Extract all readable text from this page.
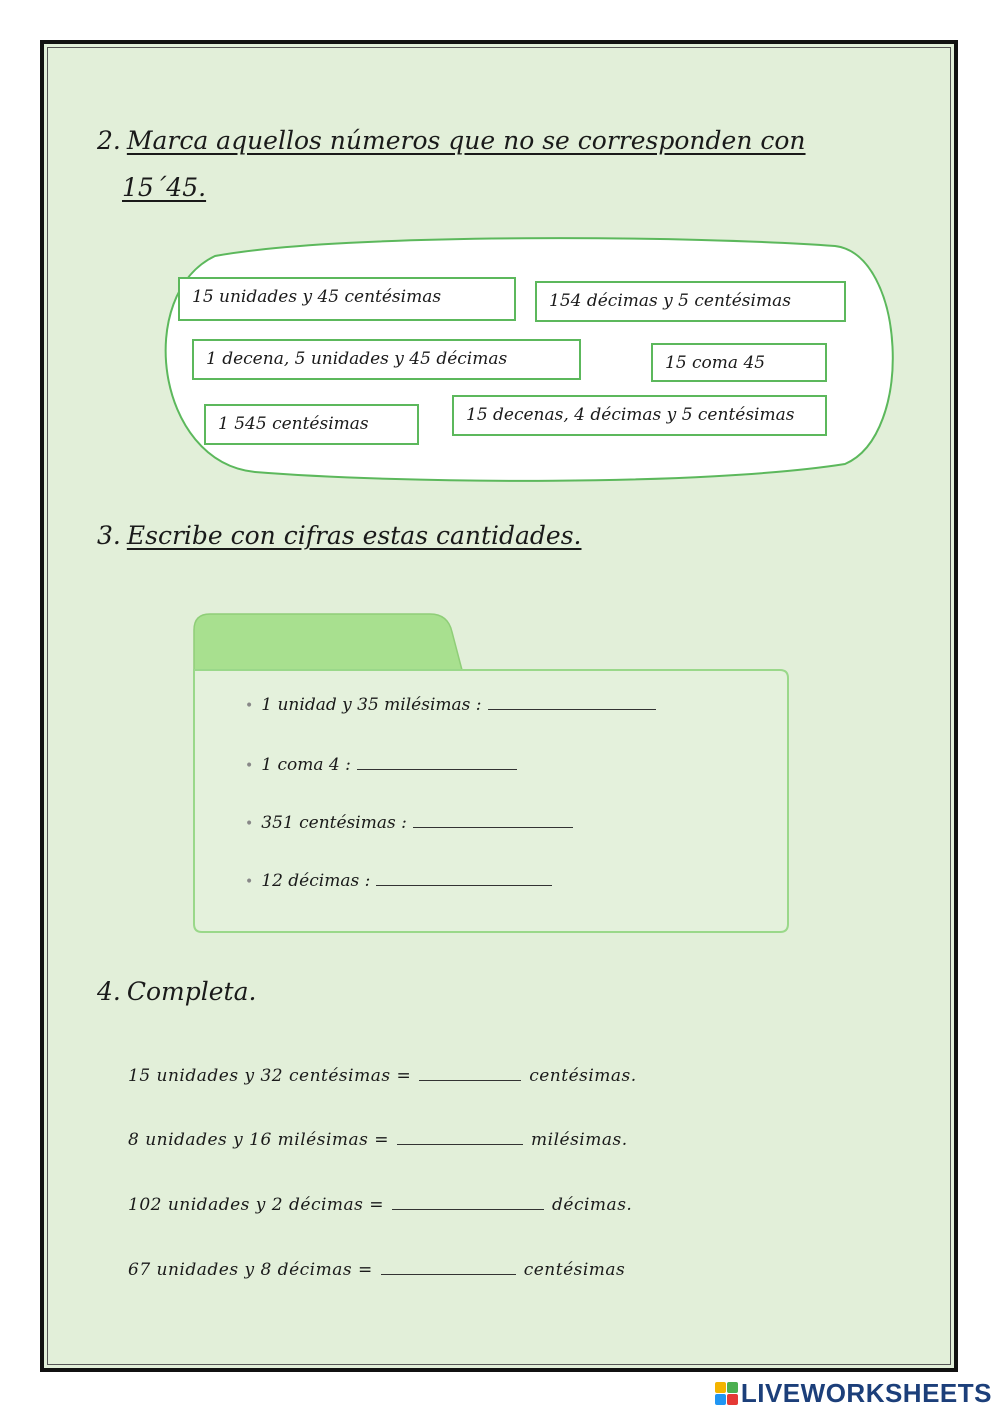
2. Marca aquellos números que no se corresponden con
15´45.
15 unidades y 45 centésimas	154 décimas y 5 centésimas
1 decena, 5 unidades y 45 décimas	15 coma 45
1 545 centésimas	15 decenas, 4 décimas y 5 centésimas
3. Escribe con cifras estas cantidades.
• 1 unidad y 35 milésimas :
• 1 coma 4 :
• 351 centésimas :
• 12 décimas :
4. Completa.
15 unidades y 32 centésimas =	centésimas.
8 unidades y 16 milésimas =	milésimas.
102 unidades y 2 décimas =	décimas.
67 unidades y 8 décimas =	centésimas
LIVEWORKSHEETS
